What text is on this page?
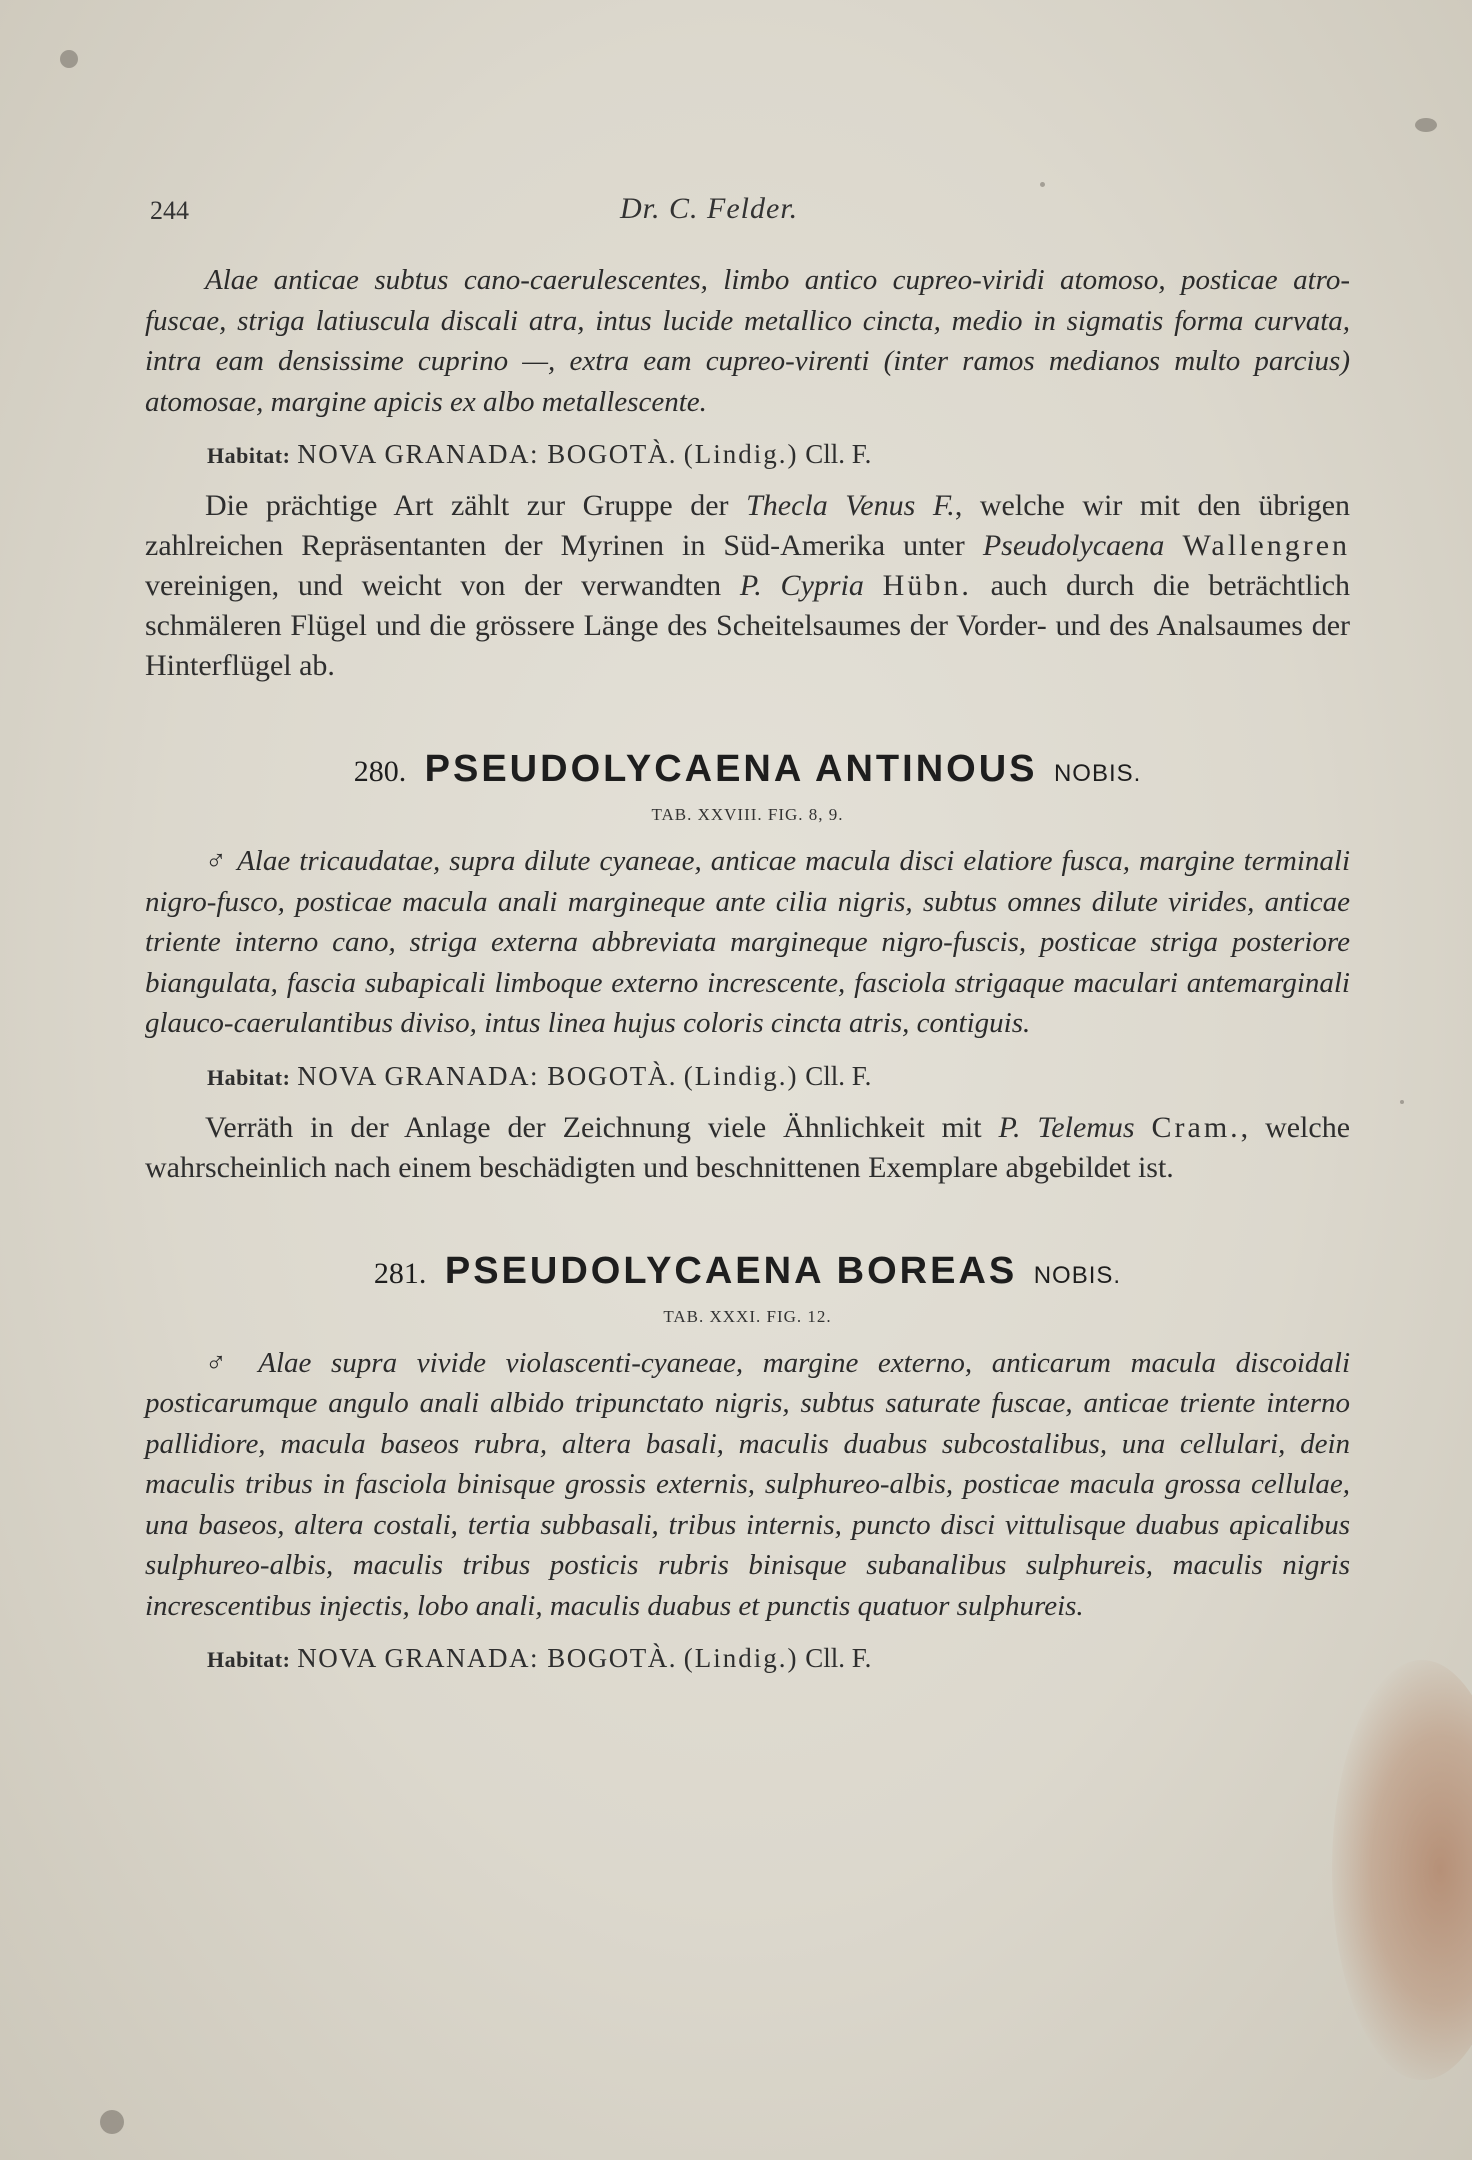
244	Dr. C. Felder.

Alae anticae subtus cano-caerulescentes, limbo antico cupreo-viridi atomoso, posticae atro-fuscae, striga latiuscula discali atra, intus lucide metallico cincta, medio in sigmatis forma curvata, intra eam densissime cuprino —, extra eam cupreo-virenti (inter ramos medianos multo parcius) atomosae, margine apicis ex albo metallescente.

Habitat: NOVA GRANADA: BOGOTÀ. (Lindig.) Cll. F.

Die prächtige Art zählt zur Gruppe der Thecla Venus F., welche wir mit den übrigen zahlreichen Repräsentanten der Myrinen in Süd-Amerika unter Pseudolycaena Wallengren vereinigen, und weicht von der verwandten P. Cypria Hübn. auch durch die beträchtlich schmäleren Flügel und die grössere Länge des Scheitelsaumes der Vorder- und des Analsaumes der Hinterflügel ab.

280. PSEUDOLYCAENA ANTINOUS NOBIS.
TAB. XXVIII. FIG. 8, 9.

♂ Alae tricaudatae, supra dilute cyaneae, anticae macula disci elatiore fusca, margine terminali nigro-fusco, posticae macula anali margineque ante cilia nigris, subtus omnes dilute virides, anticae triente interno cano, striga externa abbreviata margineque nigro-fuscis, posticae striga posteriore biangulata, fascia subapicali limboque externo increscente, fasciola strigaque maculari antemarginali glauco-caerulantibus diviso, intus linea hujus coloris cincta atris, contiguis.

Habitat: NOVA GRANADA: BOGOTÀ. (Lindig.) Cll. F.

Verräth in der Anlage der Zeichnung viele Ähnlichkeit mit P. Telemus Cram., welche wahrscheinlich nach einem beschädigten und beschnittenen Exemplare abgebildet ist.

281. PSEUDOLYCAENA BOREAS NOBIS.
TAB. XXXI. FIG. 12.

♂ Alae supra vivide violascenti-cyaneae, margine externo, anticarum macula discoidali posticarumque angulo anali albido tripunctato nigris, subtus saturate fuscae, anticae triente interno pallidiore, macula baseos rubra, altera basali, maculis duabus subcostalibus, una cellulari, dein maculis tribus in fasciola binisque grossis externis, sulphureo-albis, posticae macula grossa cellulae, una baseos, altera costali, tertia subbasali, tribus internis, puncto disci vittulisque duabus apicalibus sulphureo-albis, maculis tribus posticis rubris binisque subanalibus sulphureis, maculis nigris increscentibus injectis, lobo anali, maculis duabus et punctis quatuor sulphureis.

Habitat: NOVA GRANADA: BOGOTÀ. (Lindig.) Cll. F.
